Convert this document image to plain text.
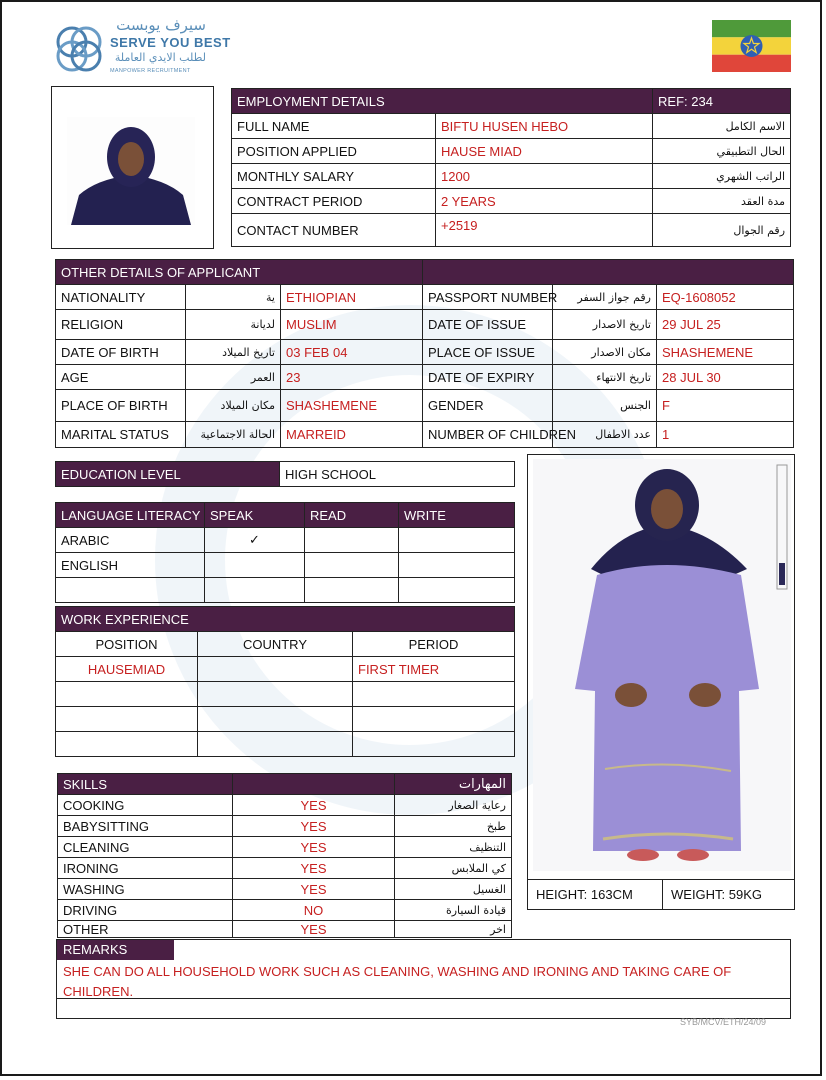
سيرف يوبست
SERVE YOU BEST
لطلب الايدي العاملة
MANPOWER RECRUITMENT
EMPLOYMENT DETAILS		REF: 234
FULL NAME	BIFTU HUSEN HEBO	الاسم الكامل
POSITION APPLIED	HAUSE MIAD	الحال التطبيقي
MONTHLY SALARY	1200	الراتب الشهري
CONTRACT PERIOD	2 YEARS	مدة العقد
CONTACT NUMBER	+2519	رقم الجوال
OTHER DETAILS OF APPLICANT					
NATIONALITY	ية	ETHIOPIAN	PASSPORT NUMBER	رقم جواز السفر	EQ-1608052
RELIGION	لديانة	MUSLIM	DATE OF ISSUE	تاريخ الاصدار	29 JUL 25
DATE OF BIRTH	تاريخ الميلاد	03 FEB 04	PLACE OF ISSUE	مكان الاصدار	SHASHEMENE
AGE	العمر	23	DATE OF EXPIRY	تاريخ الانتهاء	28 JUL 30
PLACE OF BIRTH	مكان الميلاد	SHASHEMENE	GENDER	الجنس	F
MARITAL STATUS	الحالة الاجتماعية	MARREID	NUMBER OF CHILDREN	عدد الاطفال	1
EDUCATION LEVEL	HIGH SCHOOL
LANGUAGE LITERACY	SPEAK	READ	WRITE
ARABIC	✓		
ENGLISH			

WORK EXPERIENCE		
POSITION	COUNTRY	PERIOD
HAUSEMIAD		FIRST TIMER

SKILLS		المهارات
COOKING	YES	رعاية الصغار
BABYSITTING	YES	طبخ
CLEANING	YES	التنظيف
IRONING	YES	كي الملابس
WASHING	YES	الغسيل
DRIVING	NO	قيادة السيارة
OTHER	YES	اخر
HEIGHT: 163CM	WEIGHT: 59KG
REMARKS
SHE CAN DO ALL HOUSEHOLD WORK SUCH AS CLEANING, WASHING AND IRONING AND TAKING CARE OF CHILDREN.
SYB/MCV/ETH/24/09
